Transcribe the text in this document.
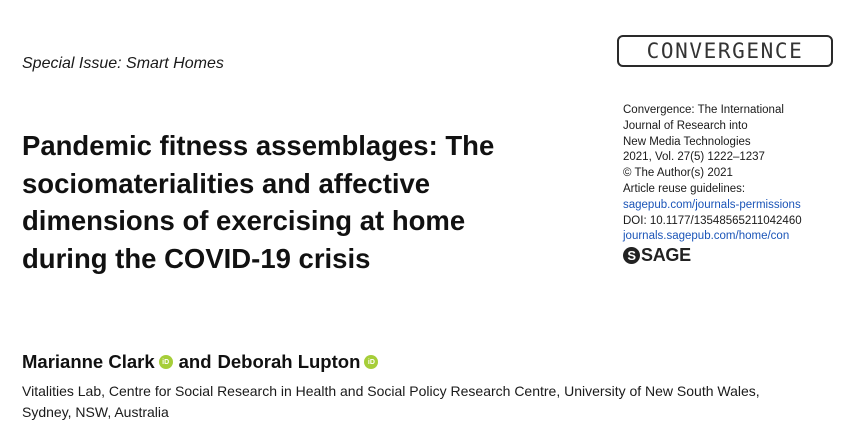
Special Issue: Smart Homes
CONVERGENCE
Pandemic fitness assemblages: The
sociomaterialities and affective
dimensions of exercising at home
during the COVID-19 crisis
Convergence: The International
Journal of Research into
New Media Technologies
2021, Vol. 27(5) 1222–1237
© The Author(s) 2021
Article reuse guidelines:
sagepub.com/journals-permissions
DOI: 10.1177/13548565211042460
journals.sagepub.com/home/con
S SAGE
Marianne Clark	iD and Deborah Lupton	iD
Vitalities Lab, Centre for Social Research in Health and Social Policy Research Centre, University of New South Wales,
Sydney, NSW, Australia
